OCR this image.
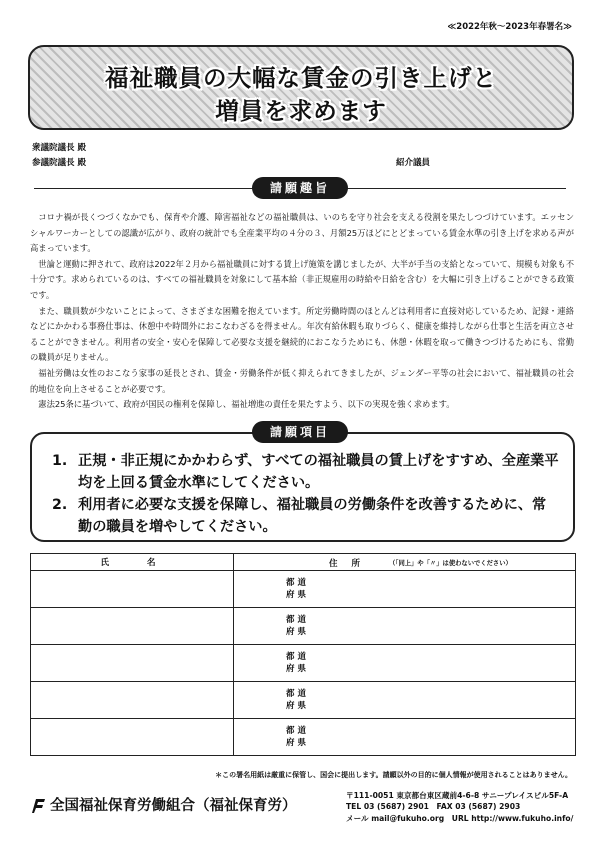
≪2022年秋〜2023年春署名≫
福祉職員の大幅な賃金の引き上げと
増員を求めます
衆議院議長 殿
参議院議長 殿	紹介議員
請願趣旨

コロナ禍が長くつづくなかでも、保育や介護、障害福祉などの福祉職員は、いのちを守り社会を支える役割を果たしつづけています。エッセンシャルワーカーとしての認識が広がり、政府の統計でも全産業平均の４分の３、月額25万ほどにとどまっている賃金水準の引き上げを求める声が高まっています。

世論と運動に押されて、政府は2022年２月から福祉職員に対する賃上げ施策を講じましたが、大半が手当の支給となっていて、規模も対象も不十分です。求められているのは、すべての福祉職員を対象にして基本給（非正規雇用の時給や日給を含む）を大幅に引き上げることができる政策です。

また、職員数が少ないことによって、さまざまな困難を抱えています。所定労働時間のほとんどは利用者に直接対応しているため、記録・連絡などにかかわる事務仕事は、休憩中や時間外におこなわざるを得ません。年次有給休暇も取りづらく、健康を維持しながら仕事と生活を両立させることができません。利用者の安全・安心を保障して必要な支援を継続的におこなうためにも、休憩・休暇を取って働きつづけるためにも、常勤の職員が足りません。

福祉労働は女性のおこなう家事の延長とされ、賃金・労働条件が低く抑えられてきましたが、ジェンダー平等の社会において、福祉職員の社会的地位を向上させることが必要です。

憲法25条に基づいて、政府が国民の権利を保障し、福祉増進の責任を果たすよう、以下の実現を強く求めます。

1. 正規・非正規にかかわらず、すべての福祉職員の賃上げをすすめ、全産業平均を上回る賃金水準にしてください。
2. 利用者に必要な支援を保障し、福祉職員の労働条件を改善するために、常勤の職員を増やしてください。
請願項目
氏名	住所 （「同上」や「〃」は使わないでください）

	都 道
府 県

	都 道
府 県

	都 道
府 県

	都 道
府 県

	都 道
府 県
＊この署名用紙は厳重に保管し、国会に提出します。請願以外の目的に個人情報が使用されることはありません。
全国福祉保育労働組合（福祉保育労）
〒111-0051 東京都台東区蔵前4-6-8 サニープレイスビル5F-A
TEL 03 (5687) 2901　FAX 03 (5687) 2903
メール mail@fukuho.org　URL http://www.fukuho.info/
